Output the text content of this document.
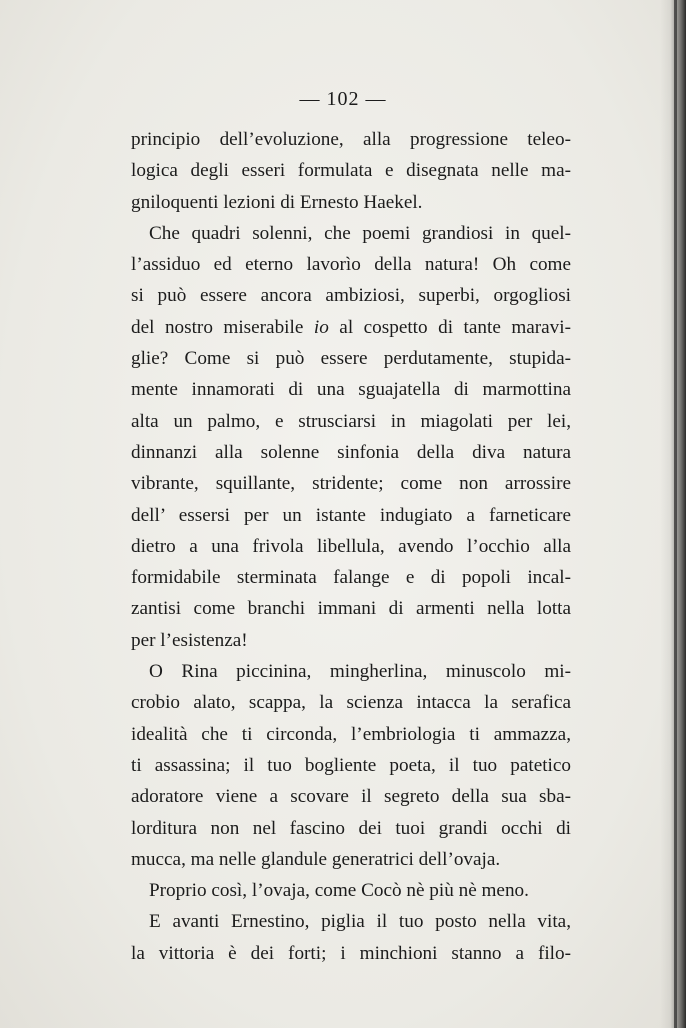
— 102 —
principio dell’evoluzione, alla progressione teleo-
logica degli esseri formulata e disegnata nelle ma-
gniloquenti lezioni di Ernesto Haekel.
Che quadri solenni, che poemi grandiosi in quel-
l’assiduo ed eterno lavorìo della natura! Oh come
si può essere ancora ambiziosi, superbi, orgogliosi
del nostro miserabile io al cospetto di tante maravi-
glie? Come si può essere perdutamente, stupida-
mente innamorati di una sguajatella di marmottina
alta un palmo, e strusciarsi in miagolati per lei,
dinnanzi alla solenne sinfonia della diva natura
vibrante, squillante, stridente; come non arrossire
dell’ essersi per un istante indugiato a farneticare
dietro a una frivola libellula, avendo l’occhio alla
formidabile sterminata falange e di popoli incal-
zantisi come branchi immani di armenti nella lotta
per l’esistenza!
O Rina piccinina, mingherlina, minuscolo mi-
crobio alato, scappa, la scienza intacca la serafica
idealità che ti circonda, l’embriologia ti ammazza,
ti assassina; il tuo bogliente poeta, il tuo patetico
adoratore viene a scovare il segreto della sua sba-
lorditura non nel fascino dei tuoi grandi occhi di
mucca, ma nelle glandule generatrici dell’ovaja.
Proprio così, l’ovaja, come Cocò nè più nè meno.
E avanti Ernestino, piglia il tuo posto nella vita,
la vittoria è dei forti; i minchioni stanno a filo-
